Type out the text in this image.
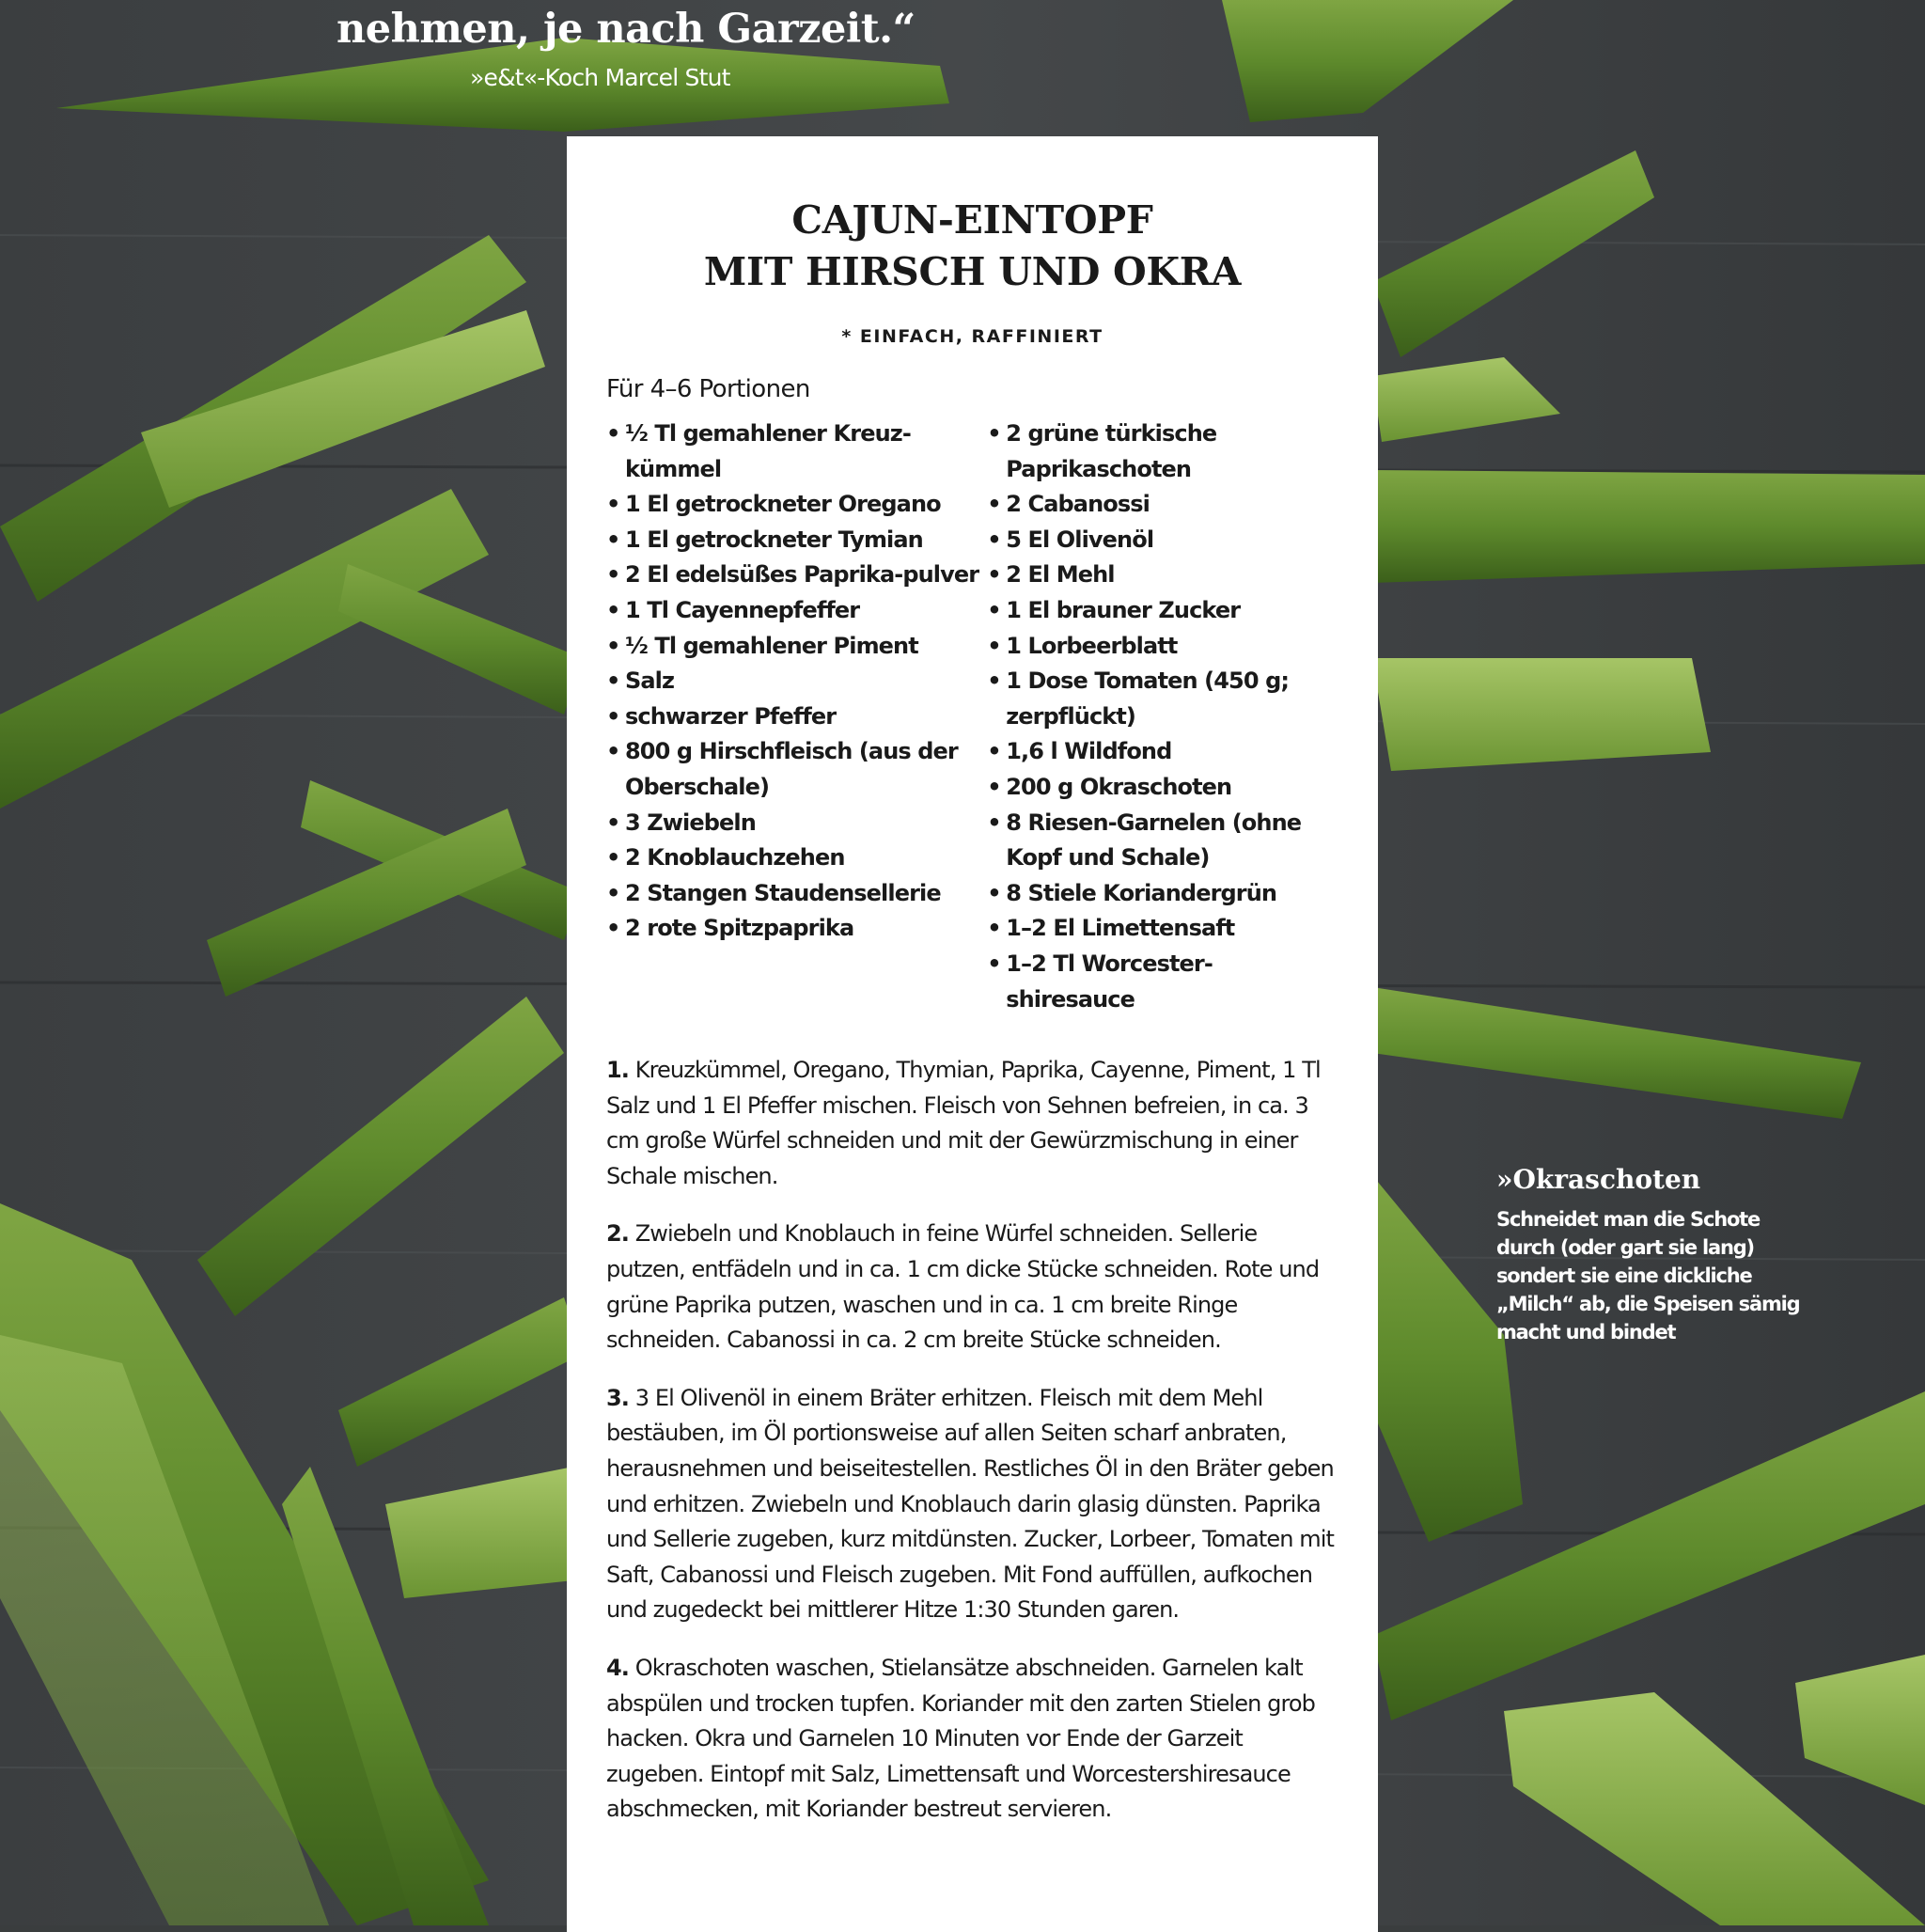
nehmen, je nach Garzeit.“
»e&t«-Koch Marcel Stut
CAJUN-EINTOPF
MIT HIRSCH UND OKRA
* EINFACH, RAFFINIERT
Für 4–6 Portionen
• ½ Tl gemahlener Kreuz-kümmel
• 1 El getrockneter Oregano
• 1 El getrockneter Tymian
• 2 El edelsüßes Paprika-pulver
• 1 Tl Cayennepfeffer
• ½ Tl gemahlener Piment
• Salz
• schwarzer Pfeffer
• 800 g Hirschfleisch (aus der Oberschale)
• 3 Zwiebeln
• 2 Knoblauchzehen
• 2 Stangen Staudensellerie
• 2 rote Spitzpaprika
• 2 grüne türkische Paprikaschoten
• 2 Cabanossi
• 5 El Olivenöl
• 2 El Mehl
• 1 El brauner Zucker
• 1 Lorbeerblatt
• 1 Dose Tomaten (450 g; zerpflückt)
• 1,6 l Wildfond
• 200 g Okraschoten
• 8 Riesen-Garnelen (ohne Kopf und Schale)
• 8 Stiele Koriandergrün
• 1–2 El Limettensaft
• 1–2 Tl Worcester-shiresauce

1. Kreuzkümmel, Oregano, Thymian, Paprika, Cayenne, Piment, 1 Tl Salz und 1 El Pfeffer mischen. Fleisch von Sehnen befreien, in ca. 3 cm große Würfel schneiden und mit der Gewürzmischung in einer Schale mischen.

2. Zwiebeln und Knoblauch in feine Würfel schneiden. Sellerie putzen, entfädeln und in ca. 1 cm dicke Stücke schneiden. Rote und grüne Paprika putzen, waschen und in ca. 1 cm breite Ringe schneiden. Cabanossi in ca. 2 cm breite Stücke schneiden.

3. 3 El Olivenöl in einem Bräter erhitzen. Fleisch mit dem Mehl bestäuben, im Öl portionsweise auf allen Seiten scharf anbraten, herausnehmen und beiseitestellen. Restliches Öl in den Bräter geben und erhitzen. Zwiebeln und Knoblauch darin glasig dünsten. Paprika und Sellerie zugeben, kurz mitdünsten. Zucker, Lorbeer, Tomaten mit Saft, Cabanossi und Fleisch zugeben. Mit Fond auffüllen, aufkochen und zugedeckt bei mittlerer Hitze 1:30 Stunden garen.

4. Okraschoten waschen, Stielansätze abschneiden. Garnelen kalt abspülen und trocken tupfen. Koriander mit den zarten Stielen grob hacken. Okra und Garnelen 10 Minuten vor Ende der Garzeit zugeben. Eintopf mit Salz, Limettensaft und Worcestershiresauce abschmecken, mit Koriander bestreut servieren.

»Okraschoten
Schneidet man die Schote durch (oder gart sie lang) sondert sie eine dickliche „Milch“ ab, die Speisen sämig macht und bindet
